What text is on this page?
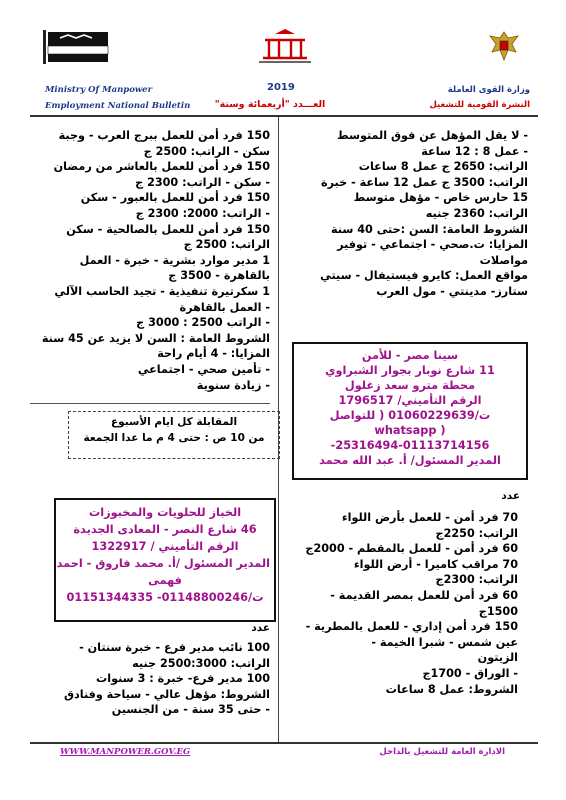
Ministry Of Manpower
Employment National Bulletin
2019
العـــدد "أربعمائة وستة"
وزارة القوى العاملة
النشرة القومية للتشغيل
- لا يقل المؤهل عن فوق المتوسط
- عمل 8 : 12 ساعة
الراتب: 2650 ج عمل 8 ساعات
الراتب: 3500 ج عمل 12 ساعة - خبرة
15 حارس خاص - مؤهل متوسط
الراتب: 2360 جنيه
الشروط العامة: السن :حتى 40 سنة
المزايا: ت.صحي - اجتماعي - توفير
مواصلات
مواقع العمل: كايرو فيستيفال - سيتي
ستارز- مدينتي - مول العرب
سينا مصر - للأمن
11 شارع نوبار بجوار الشبراوي
محطة مترو سعد زغلول
الرقم التأميني/ 1796517
ت/01060229639 ( للتواصل
( whatsapp
25316494-01113714156-
المدير المسئول/ أ. عبد الله محمد
عدد
70 فرد أمن - للعمل بأرض اللواء
الراتب: 2250ج
60 فرد أمن - للعمل بالمقطم - 2000ج
70 مراقب كاميرا - أرض اللواء
الراتب: 2300ج
60 فرد أمن للعمل بمصر القديمة -
1500ج
150 فرد أمن إداري - للعمل بالمطرية -
عين شمس - شبرا الخيمة -
الزيتون
- الوراق - 1700ج
الشروط: عمل 8 ساعات
150 فرد أمن للعمل ببرج العرب - وجبة
سكن - الراتب: 2500 ج
150 فرد أمن للعمل بالعاشر من رمضان
- سكن - الراتب: 2300 ج
150 فرد أمن للعمل بالعبور - سكن
- الراتب: 2000: 2300 ج
150 فرد أمن للعمل بالصالحية - سكن
الراتب: 2500 ج
1 مدير موارد بشرية - خبرة - العمل
بالقاهرة - 3500 ج
1 سكرتيرة تنفيذية - تجيد الحاسب الآلي
- العمل بالقاهرة
- الراتب 2500 : 3000 ج
الشروط العامة : السن لا يزيد عن 45 سنة
المزايا: - 4 أيام راحة
- تأمين صحي - اجتماعي
- زيادة سنوية
المقابلة كل ايام الأسبوع
من 10 ص : حتى 4 م ما عدا الجمعة
الخباز للحلويات والمخبوزات
46 شارع النصر - المعادى الجديدة
الرقم التأميني / 1322917
المدير المسئول /أ. محمد فاروق - احمد
فهمى
ت/01148800246- 01151344335
عدد
100 نائب مدير فرع - خبرة سنتان -
الراتب: 2500:3000 جنيه
100 مدير فرع- خبرة : 3 سنوات
الشروط: مؤهل عالي - سياحة وفنادق
- حتى 35 سنة - من الجنسين
WWW.MANPOWER.GOV.EG	الادارة العامة للتشغيل بالداخل
